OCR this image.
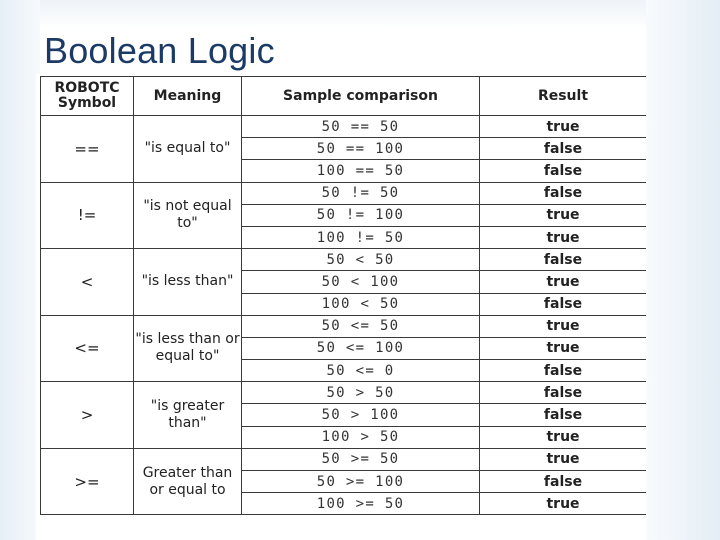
Boolean Logic
ROBOTC Symbol	Meaning	Sample comparison	Result
==	"is equal to"	50 == 50	true
		50 == 100	false
		100 == 50	false
!=	"is not equal to"	50 != 50	false
		50 != 100	true
		100 != 50	true
<	"is less than"	50 < 50	false
		50 < 100	true
		100 < 50	false
<=	"is less than or equal to"	50 <= 50	true
		50 <= 100	true
		50 <= 0	false
>	"is greater than"	50 > 50	false
		50 > 100	false
		100 > 50	true
>=	Greater than or equal to	50 >= 50	true
		50 >= 100	false
		100 >= 50	true
